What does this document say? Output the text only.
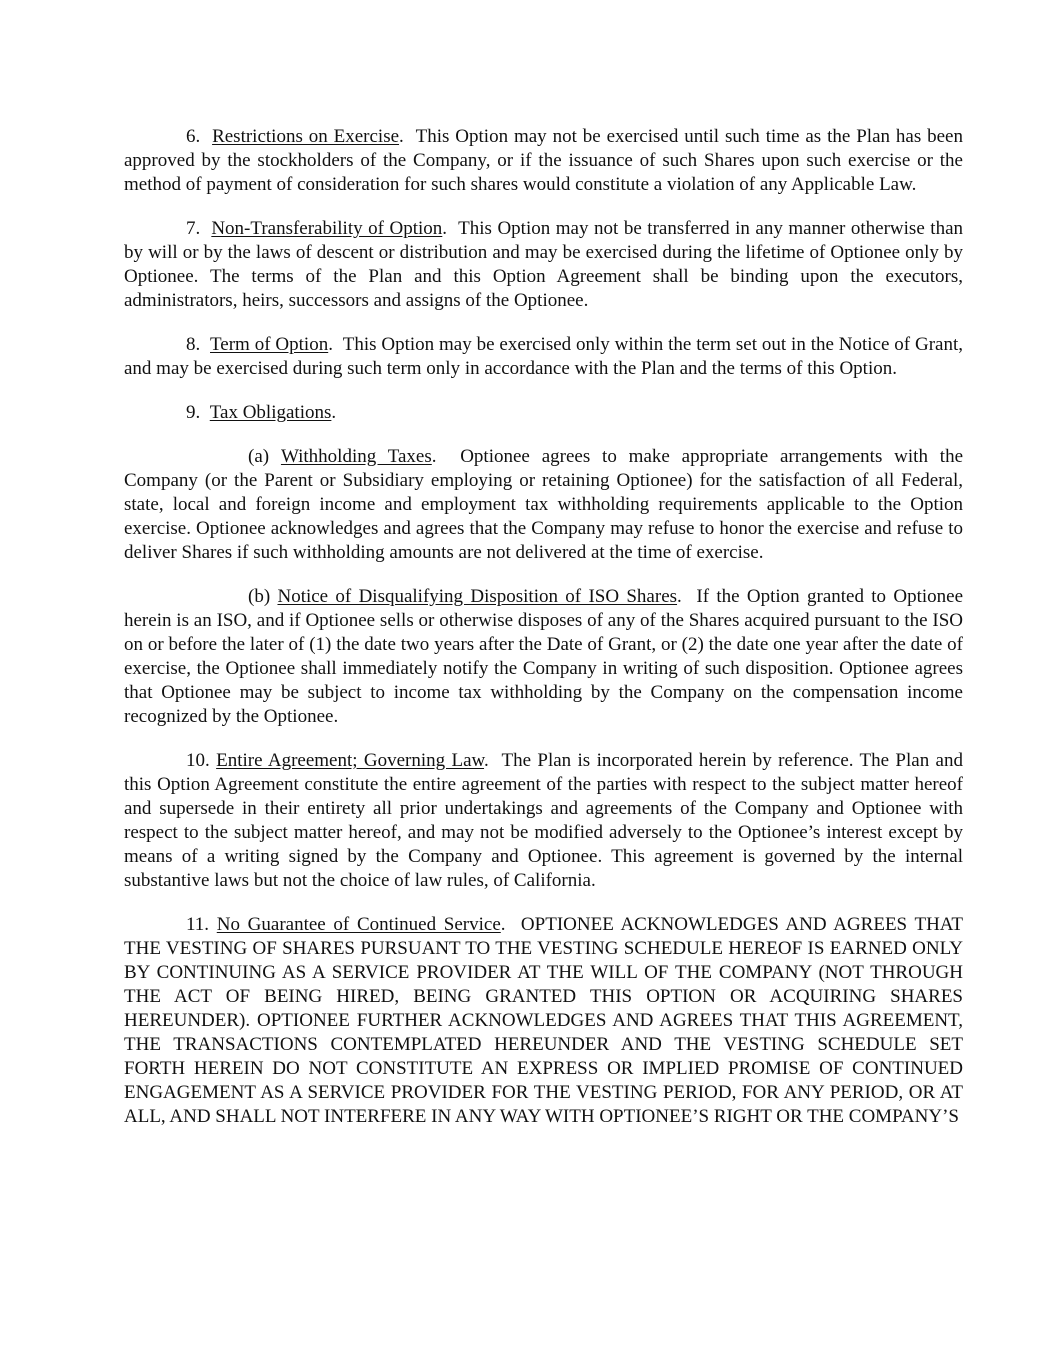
6. Restrictions on Exercise. This Option may not be exercised until such time as the Plan has been approved by the stockholders of the Company, or if the issuance of such Shares upon such exercise or the method of payment of consideration for such shares would constitute a violation of any Applicable Law.

7. Non-Transferability of Option. This Option may not be transferred in any manner otherwise than by will or by the laws of descent or distribution and may be exercised during the lifetime of Optionee only by Optionee. The terms of the Plan and this Option Agreement shall be binding upon the executors, administrators, heirs, successors and assigns of the Optionee.

8. Term of Option. This Option may be exercised only within the term set out in the Notice of Grant, and may be exercised during such term only in accordance with the Plan and the terms of this Option.

9. Tax Obligations.

(a) Withholding Taxes. Optionee agrees to make appropriate arrangements with the Company (or the Parent or Subsidiary employing or retaining Optionee) for the satisfaction of all Federal, state, local and foreign income and employment tax withholding requirements applicable to the Option exercise. Optionee acknowledges and agrees that the Company may refuse to honor the exercise and refuse to deliver Shares if such withholding amounts are not delivered at the time of exercise.

(b) Notice of Disqualifying Disposition of ISO Shares. If the Option granted to Optionee herein is an ISO, and if Optionee sells or otherwise disposes of any of the Shares acquired pursuant to the ISO on or before the later of (1) the date two years after the Date of Grant, or (2) the date one year after the date of exercise, the Optionee shall immediately notify the Company in writing of such disposition. Optionee agrees that Optionee may be subject to income tax withholding by the Company on the compensation income recognized by the Optionee.

10. Entire Agreement; Governing Law. The Plan is incorporated herein by reference. The Plan and this Option Agreement constitute the entire agreement of the parties with respect to the subject matter hereof and supersede in their entirety all prior undertakings and agreements of the Company and Optionee with respect to the subject matter hereof, and may not be modified adversely to the Optionee’s interest except by means of a writing signed by the Company and Optionee. This agreement is governed by the internal substantive laws but not the choice of law rules, of California.

11. No Guarantee of Continued Service. OPTIONEE ACKNOWLEDGES AND AGREES THAT THE VESTING OF SHARES PURSUANT TO THE VESTING SCHEDULE HEREOF IS EARNED ONLY BY CONTINUING AS A SERVICE PROVIDER AT THE WILL OF THE COMPANY (NOT THROUGH THE ACT OF BEING HIRED, BEING GRANTED THIS OPTION OR ACQUIRING SHARES HEREUNDER). OPTIONEE FURTHER ACKNOWLEDGES AND AGREES THAT THIS AGREEMENT, THE TRANSACTIONS CONTEMPLATED HEREUNDER AND THE VESTING SCHEDULE SET FORTH HEREIN DO NOT CONSTITUTE AN EXPRESS OR IMPLIED PROMISE OF CONTINUED ENGAGEMENT AS A SERVICE PROVIDER FOR THE VESTING PERIOD, FOR ANY PERIOD, OR AT ALL, AND SHALL NOT INTERFERE IN ANY WAY WITH OPTIONEE’S RIGHT OR THE COMPANY’S
